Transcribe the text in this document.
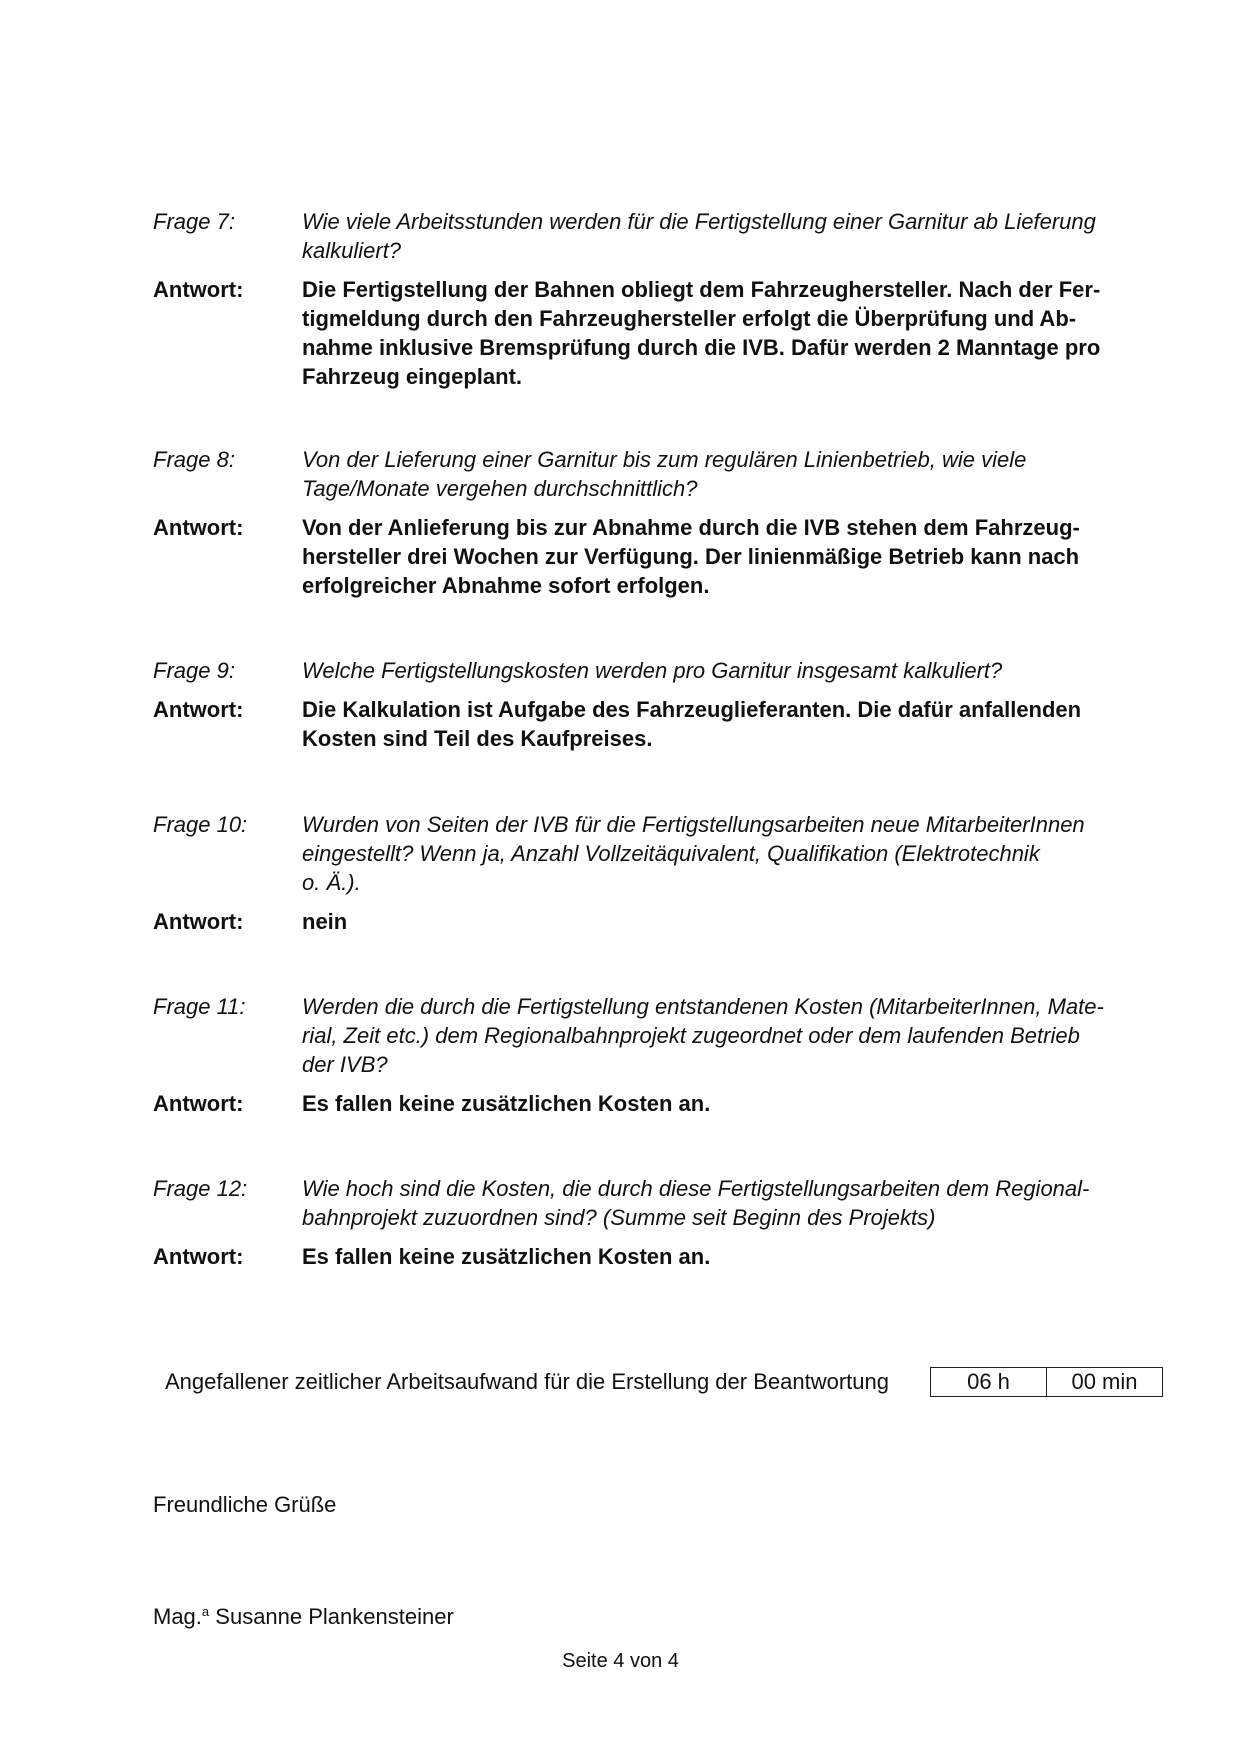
Frage 7:	Wie viele Arbeitsstunden werden für die Fertigstellung einer Garnitur ab Lieferung
kalkuliert?
Antwort:	Die Fertigstellung der Bahnen obliegt dem Fahrzeughersteller. Nach der Fer-
tigmeldung durch den Fahrzeughersteller erfolgt die Überprüfung und Ab-
nahme inklusive Bremsprüfung durch die IVB. Dafür werden 2 Manntage pro
Fahrzeug eingeplant.
Frage 8:	Von der Lieferung einer Garnitur bis zum regulären Linienbetrieb, wie viele
Tage/Monate vergehen durchschnittlich?
Antwort:	Von der Anlieferung bis zur Abnahme durch die IVB stehen dem Fahrzeug-
hersteller drei Wochen zur Verfügung. Der linienmäßige Betrieb kann nach
erfolgreicher Abnahme sofort erfolgen.
Frage 9:	Welche Fertigstellungskosten werden pro Garnitur insgesamt kalkuliert?
Antwort:	Die Kalkulation ist Aufgabe des Fahrzeuglieferanten. Die dafür anfallenden
Kosten sind Teil des Kaufpreises.
Frage 10:	Wurden von Seiten der IVB für die Fertigstellungsarbeiten neue MitarbeiterInnen
eingestellt? Wenn ja, Anzahl Vollzeitäquivalent, Qualifikation (Elektrotechnik
o. Ä.).
Antwort:	nein
Frage 11:	Werden die durch die Fertigstellung entstandenen Kosten (MitarbeiterInnen, Mate-
rial, Zeit etc.) dem Regionalbahnprojekt zugeordnet oder dem laufenden Betrieb
der IVB?
Antwort:	Es fallen keine zusätzlichen Kosten an.
Frage 12:	Wie hoch sind die Kosten, die durch diese Fertigstellungsarbeiten dem Regional-
bahnprojekt zuzuordnen sind? (Summe seit Beginn des Projekts)
Antwort:	Es fallen keine zusätzlichen Kosten an.
Angefallener zeitlicher Arbeitsaufwand für die Erstellung der Beantwortung	06 h	00 min
Freundliche Grüße
Mag.$^a$ Susanne Plankensteiner
Seite 4 von 4
